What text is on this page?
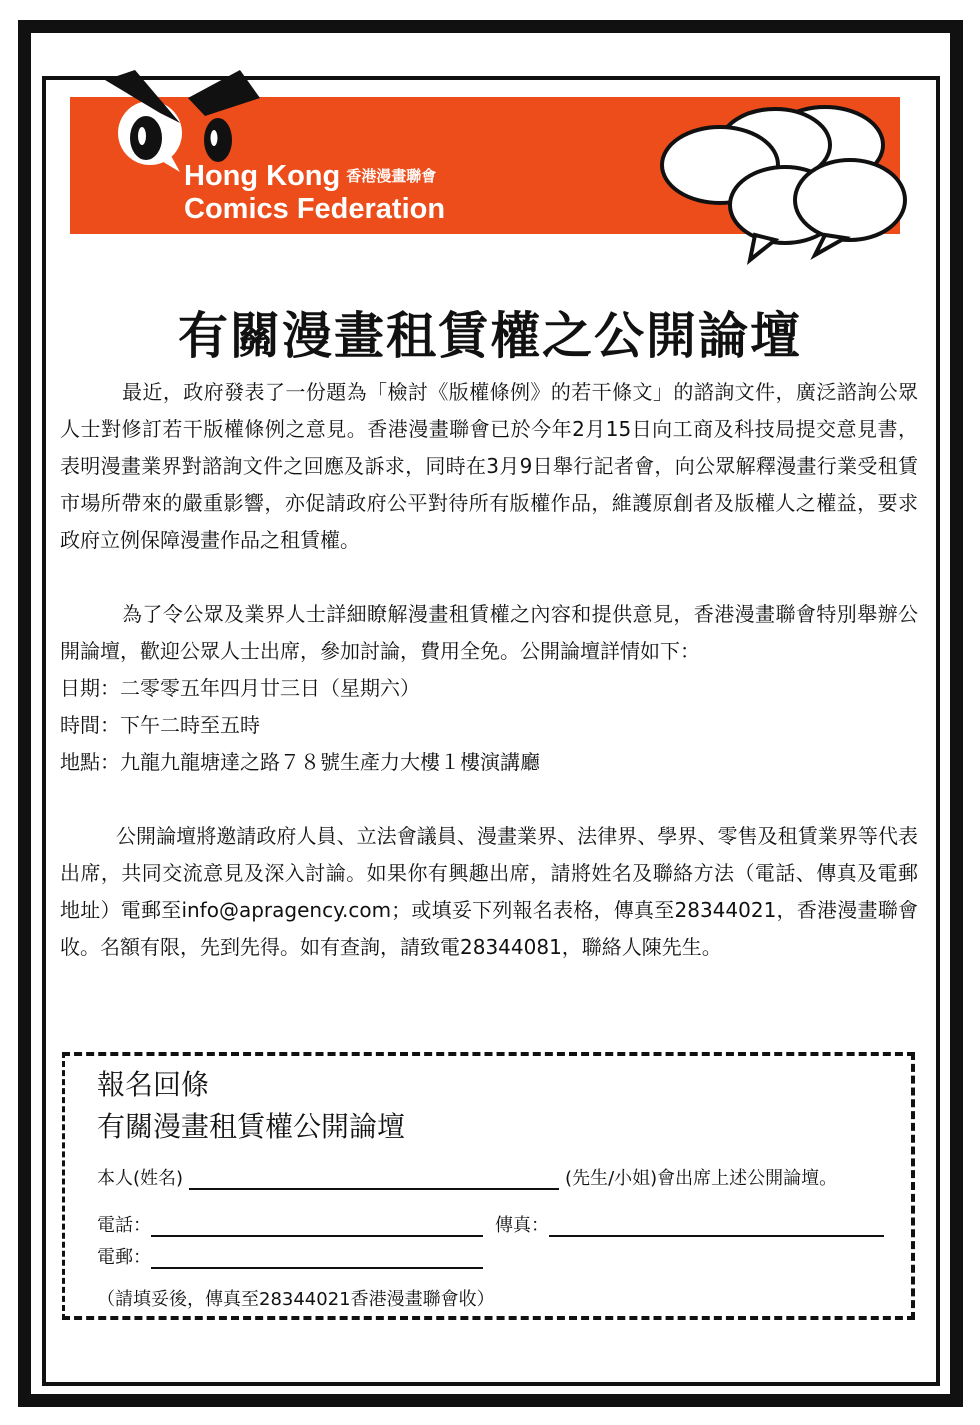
Hong Kong 香港漫畫聯會
Comics Federation
有關漫畫租賃權之公開論壇

最近，政府發表了一份題為「檢討《版權條例》的若干條文」的諮詢文件，廣泛諮詢公眾人士對修訂若干版權條例之意見。香港漫畫聯會已於今年2月15日向工商及科技局提交意見書，表明漫畫業界對諮詢文件之回應及訴求，同時在3月9日舉行記者會，向公眾解釋漫畫行業受租賃市場所帶來的嚴重影響，亦促請政府公平對待所有版權作品，維護原創者及版權人之權益，要求政府立例保障漫畫作品之租賃權。

為了令公眾及業界人士詳細瞭解漫畫租賃權之內容和提供意見，香港漫畫聯會特別舉辦公開論壇，歡迎公眾人士出席，參加討論，費用全免。公開論壇詳情如下：

日期：二零零五年四月廿三日（星期六）

時間：下午二時至五時

地點：九龍九龍塘達之路７８號生產力大樓１樓演講廳

公開論壇將邀請政府人員、立法會議員、漫畫業界、法律界、學界、零售及租賃業界等代表出席，共同交流意見及深入討論。如果你有興趣出席，請將姓名及聯絡方法（電話、傳真及電郵地址）電郵至info@apragency.com；或填妥下列報名表格，傳真至28344021，香港漫畫聯會收。名額有限，先到先得。如有查詢，請致電28344081，聯絡人陳先生。

報名回條
有關漫畫租賃權公開論壇
本人(姓名)	(先生/小姐)會出席上述公開論壇。
電話：	傳真：
電郵：
（請填妥後，傳真至28344021香港漫畫聯會收）
